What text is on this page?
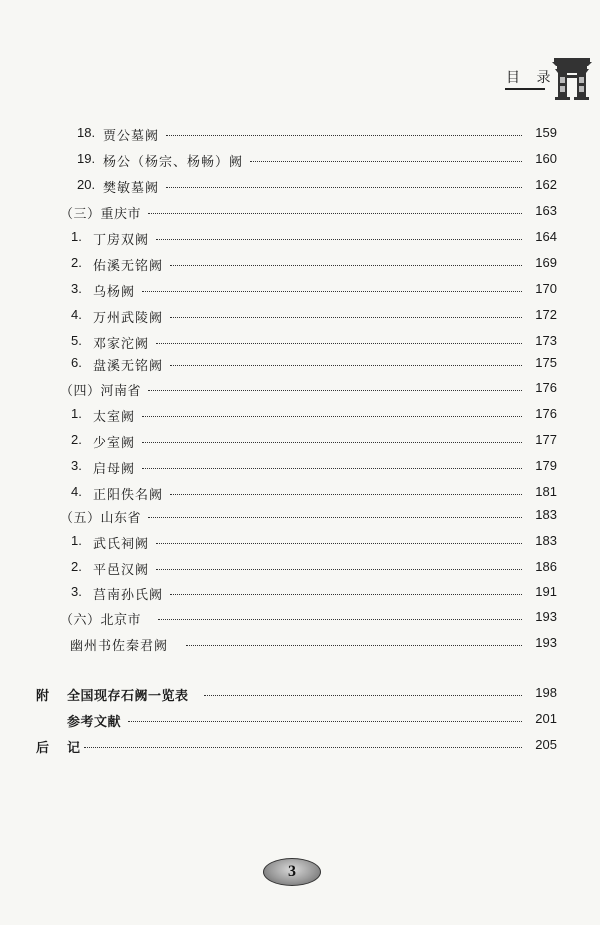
目 录
18. 贾公墓阙	159
19. 杨公（杨宗、杨畅）阙	160
20. 樊敏墓阙	162
（三）重庆市	163
1. 丁房双阙	164
2. 佑溪无铭阙	169
3. 乌杨阙	170
4. 万州武陵阙	172
5. 邓家沱阙	173
6. 盘溪无铭阙	175
（四）河南省	176
1. 太室阙	176
2. 少室阙	177
3. 启母阙	179
4. 正阳佚名阙	181
（五）山东省	183
1. 武氏祠阙	183
2. 平邑汉阙	186
3. 莒南孙氏阙	191
（六）北京市	193
幽州书佐秦君阙	193
附 全国现存石阙一览表	198
参考文献	201
后 记	205
3
